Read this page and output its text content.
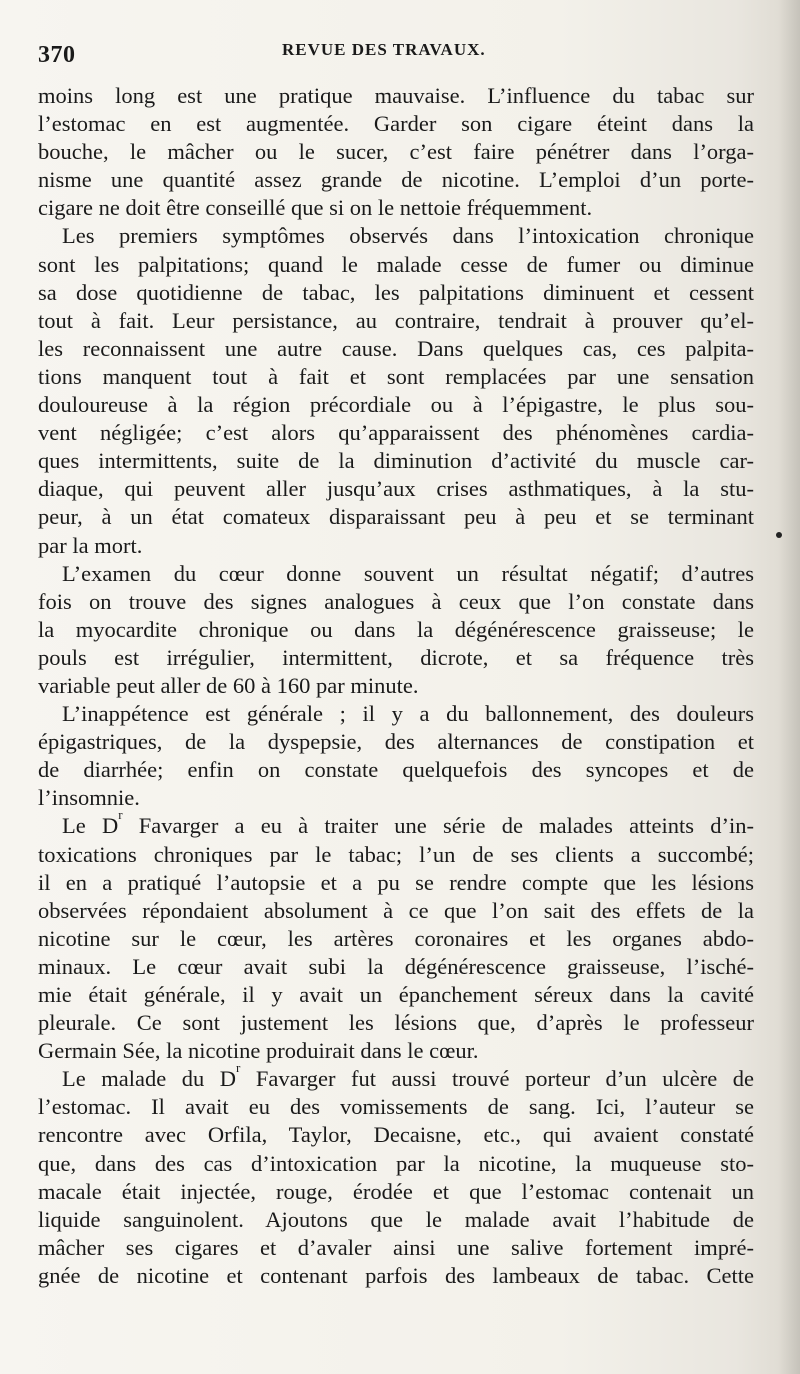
370	REVUE DES TRAVAUX.
moins long est une pratique mauvaise. L’influence du tabac sur
l’estomac en est augmentée. Garder son cigare éteint dans la
bouche, le mâcher ou le sucer, c’est faire pénétrer dans l’orga-
nisme une quantité assez grande de nicotine. L’emploi d’un porte-
cigare ne doit être conseillé que si on le nettoie fréquemment.
Les premiers symptômes observés dans l’intoxication chronique
sont les palpitations; quand le malade cesse de fumer ou diminue
sa dose quotidienne de tabac, les palpitations diminuent et cessent
tout à fait. Leur persistance, au contraire, tendrait à prouver qu’el-
les reconnaissent une autre cause. Dans quelques cas, ces palpita-
tions manquent tout à fait et sont remplacées par une sensation
douloureuse à la région précordiale ou à l’épigastre, le plus sou-
vent négligée; c’est alors qu’apparaissent des phénomènes cardia-
ques intermittents, suite de la diminution d’activité du muscle car-
diaque, qui peuvent aller jusqu’aux crises asthmatiques, à la stu-
peur, à un état comateux disparaissant peu à peu et se terminant
par la mort.
L’examen du cœur donne souvent un résultat négatif; d’autres
fois on trouve des signes analogues à ceux que l’on constate dans
la myocardite chronique ou dans la dégénérescence graisseuse; le
pouls est irrégulier, intermittent, dicrote, et sa fréquence très
variable peut aller de 60 à 160 par minute.
L’inappétence est générale ; il y a du ballonnement, des douleurs
épigastriques, de la dyspepsie, des alternances de constipation et
de diarrhée; enfin on constate quelquefois des syncopes et de
l’insomnie.
Le $D^r$ Favarger a eu à traiter une série de malades atteints d’in-
toxications chroniques par le tabac; l’un de ses clients a succombé;
il en a pratiqué l’autopsie et a pu se rendre compte que les lésions
observées répondaient absolument à ce que l’on sait des effets de la
nicotine sur le cœur, les artères coronaires et les organes abdo-
minaux. Le cœur avait subi la dégénérescence graisseuse, l’isché-
mie était générale, il y avait un épanchement séreux dans la cavité
pleurale. Ce sont justement les lésions que, d’après le professeur
Germain Sée, la nicotine produirait dans le cœur.
Le malade du $D^r$ Favarger fut aussi trouvé porteur d’un ulcère de
l’estomac. Il avait eu des vomissements de sang. Ici, l’auteur se
rencontre avec Orfila, Taylor, Decaisne, etc., qui avaient constaté
que, dans des cas d’intoxication par la nicotine, la muqueuse sto-
macale était injectée, rouge, érodée et que l’estomac contenait un
liquide sanguinolent. Ajoutons que le malade avait l’habitude de
mâcher ses cigares et d’avaler ainsi une salive fortement impré-
gnée de nicotine et contenant parfois des lambeaux de tabac. Cette
